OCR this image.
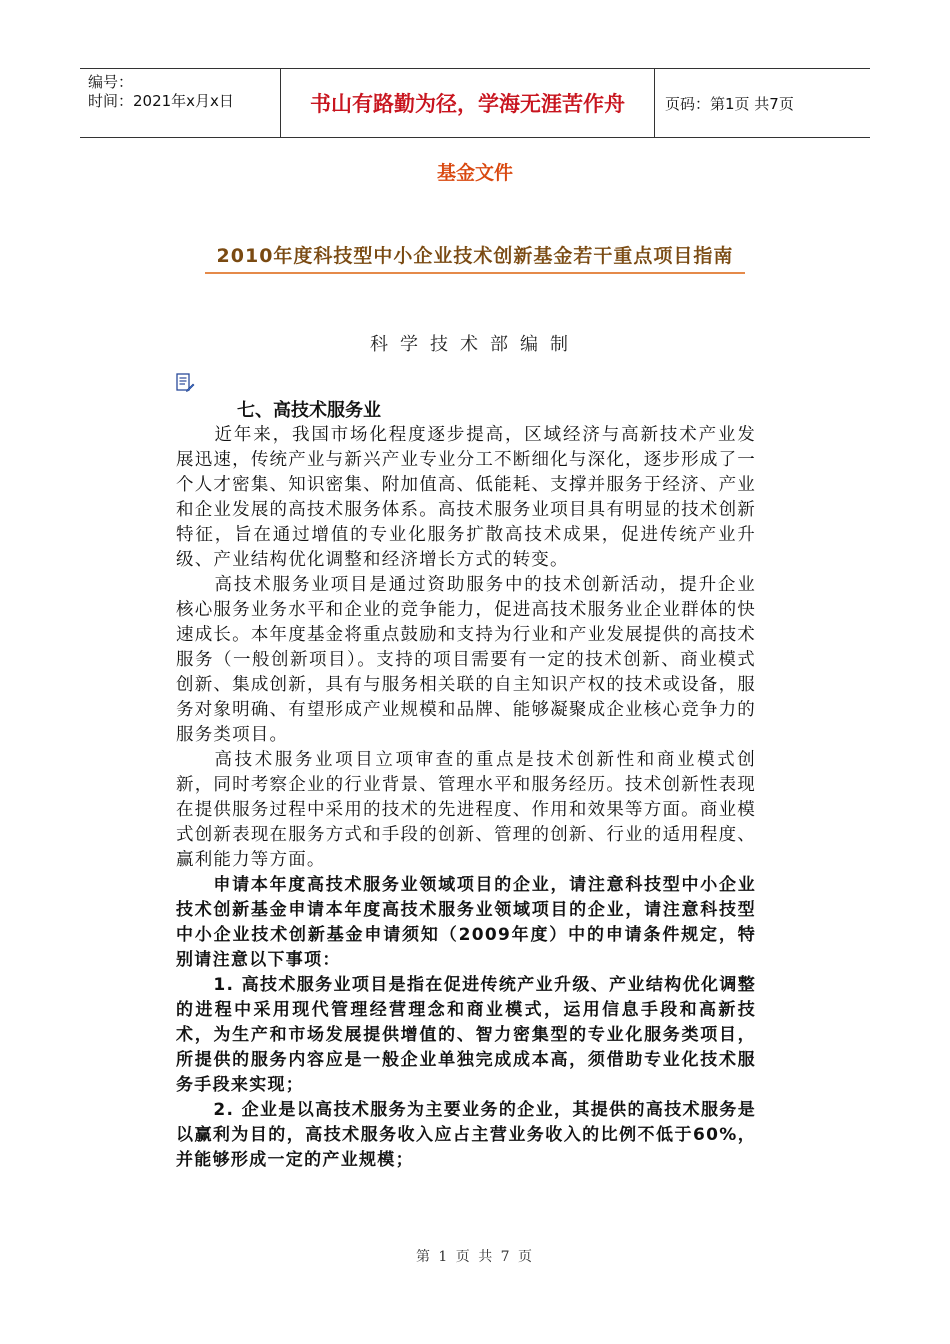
编号：
时间：2021年x月x日	书山有路勤为径，学海无涯苦作舟	页码：第1页 共7页
基金文件
2010年度科技型中小企业技术创新基金若干重点项目指南
科学技术部编制
七、高技术服务业

近年来，我国市场化程度逐步提高，区域经济与高新技术产业发展迅速，传统产业与新兴产业专业分工不断细化与深化，逐步形成了一个人才密集、知识密集、附加值高、低能耗、支撑并服务于经济、产业和企业发展的高技术服务体系。高技术服务业项目具有明显的技术创新特征，旨在通过增值的专业化服务扩散高技术成果，促进传统产业升级、产业结构优化调整和经济增长方式的转变。

高技术服务业项目是通过资助服务中的技术创新活动，提升企业核心服务业务水平和企业的竞争能力，促进高技术服务业企业群体的快速成长。本年度基金将重点鼓励和支持为行业和产业发展提供的高技术服务（一般创新项目）。支持的项目需要有一定的技术创新、商业模式创新、集成创新，具有与服务相关联的自主知识产权的技术或设备，服务对象明确、有望形成产业规模和品牌、能够凝聚成企业核心竞争力的服务类项目。

高技术服务业项目立项审查的重点是技术创新性和商业模式创新，同时考察企业的行业背景、管理水平和服务经历。技术创新性表现在提供服务过程中采用的技术的先进程度、作用和效果等方面。商业模式创新表现在服务方式和手段的创新、管理的创新、行业的适用程度、赢利能力等方面。

申请本年度高技术服务业领域项目的企业，请注意科技型中小企业技术创新基金申请本年度高技术服务业领域项目的企业，请注意科技型中小企业技术创新基金申请须知（2009年度）中的申请条件规定，特别请注意以下事项：

1. 高技术服务业项目是指在促进传统产业升级、产业结构优化调整的进程中采用现代管理经营理念和商业模式，运用信息手段和高新技术，为生产和市场发展提供增值的、智力密集型的专业化服务类项目，所提供的服务内容应是一般企业单独完成成本高，须借助专业化技术服务手段来实现；

2. 企业是以高技术服务为主要业务的企业，其提供的高技术服务是以赢利为目的，高技术服务收入应占主营业务收入的比例不低于60%，并能够形成一定的产业规模；

第 1 页 共 7 页
